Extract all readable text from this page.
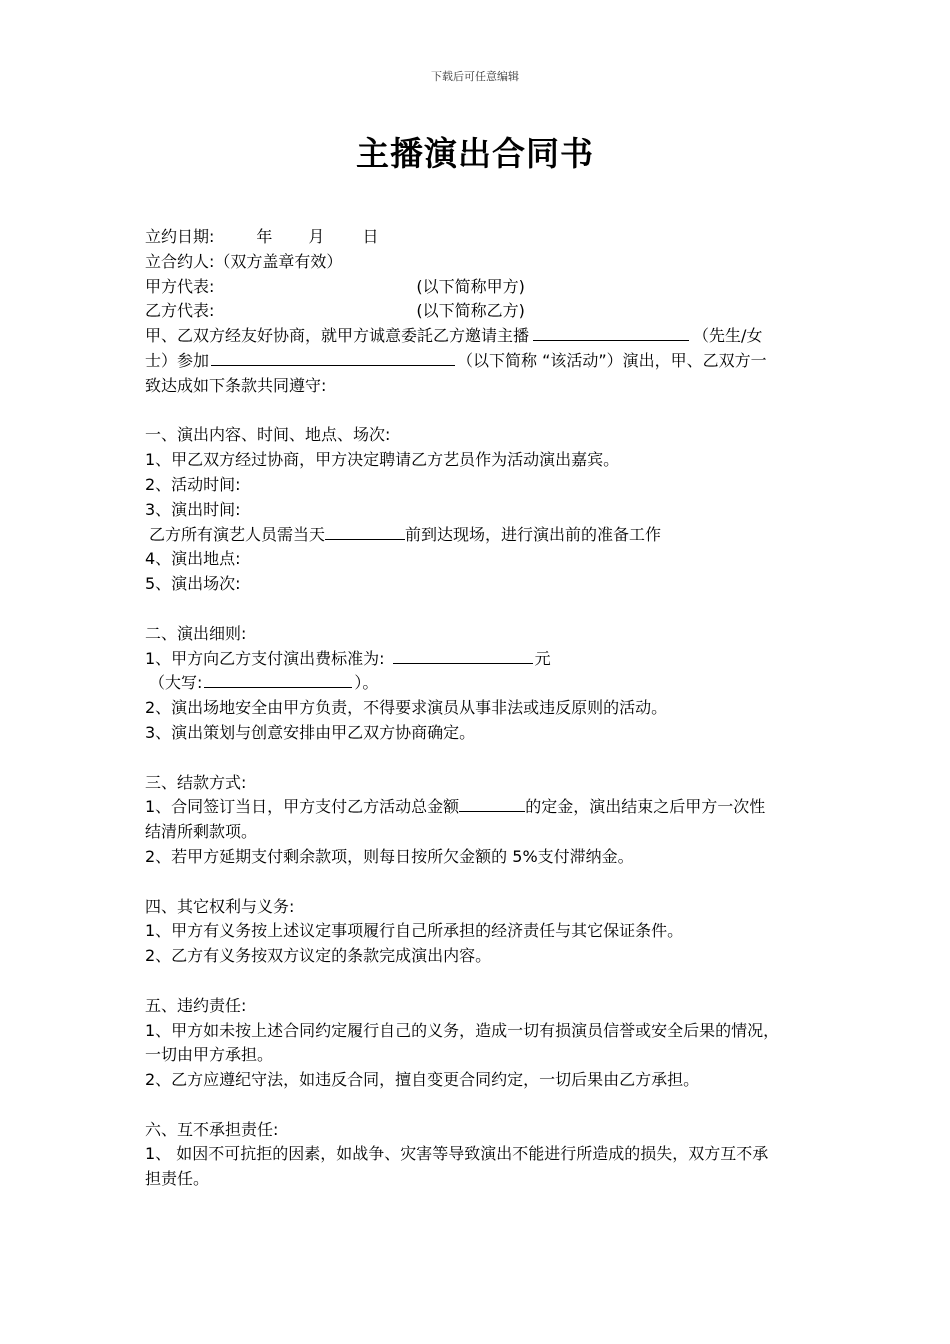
下载后可任意编辑
主播演出合同书
立约日期:	年 月 日
立合约人:（双方盖章有效）
甲方代表:	(以下简称甲方)
乙方代表:	(以下简称乙方)
甲、乙双方经友好协商，就甲方诚意委託乙方邀请主播	（先生/女
士）参加	（以下简称 “该活动”）演出，甲、乙双方一
致达成如下条款共同遵守:
一、演出内容、时间、地点、场次:
1、甲乙双方经过协商，甲方决定聘请乙方艺员作为活动演出嘉宾。
2、活动时间:
3、演出时间:
乙方所有演艺人员需当天	前到达现场，进行演出前的准备工作
4、演出地点:
5、演出场次:
二、演出细则:
1、甲方向乙方支付演出费标准为:	元
（大写:	）。
2、演出场地安全由甲方负责，不得要求演员从事非法或违反原则的活动。
3、演出策划与创意安排由甲乙双方协商确定。
三、结款方式:
1、合同签订当日，甲方支付乙方活动总金额	的定金，演出结束之后甲方一次性
结清所剩款项。
2、若甲方延期支付剩余款项，则每日按所欠金额的 5%支付滞纳金。
四、其它权利与义务:
1、甲方有义务按上述议定事项履行自己所承担的经济责任与其它保证条件。
2、乙方有义务按双方议定的条款完成演出内容。
五、违约责任:
1、甲方如未按上述合同约定履行自己的义务，造成一切有损演员信誉或安全后果的情况，
一切由甲方承担。
2、乙方应遵纪守法，如违反合同，擅自变更合同约定，一切后果由乙方承担。
六、互不承担责任:
1、 如因不可抗拒的因素，如战争、灾害等导致演出不能进行所造成的损失，双方互不承
担责任。
